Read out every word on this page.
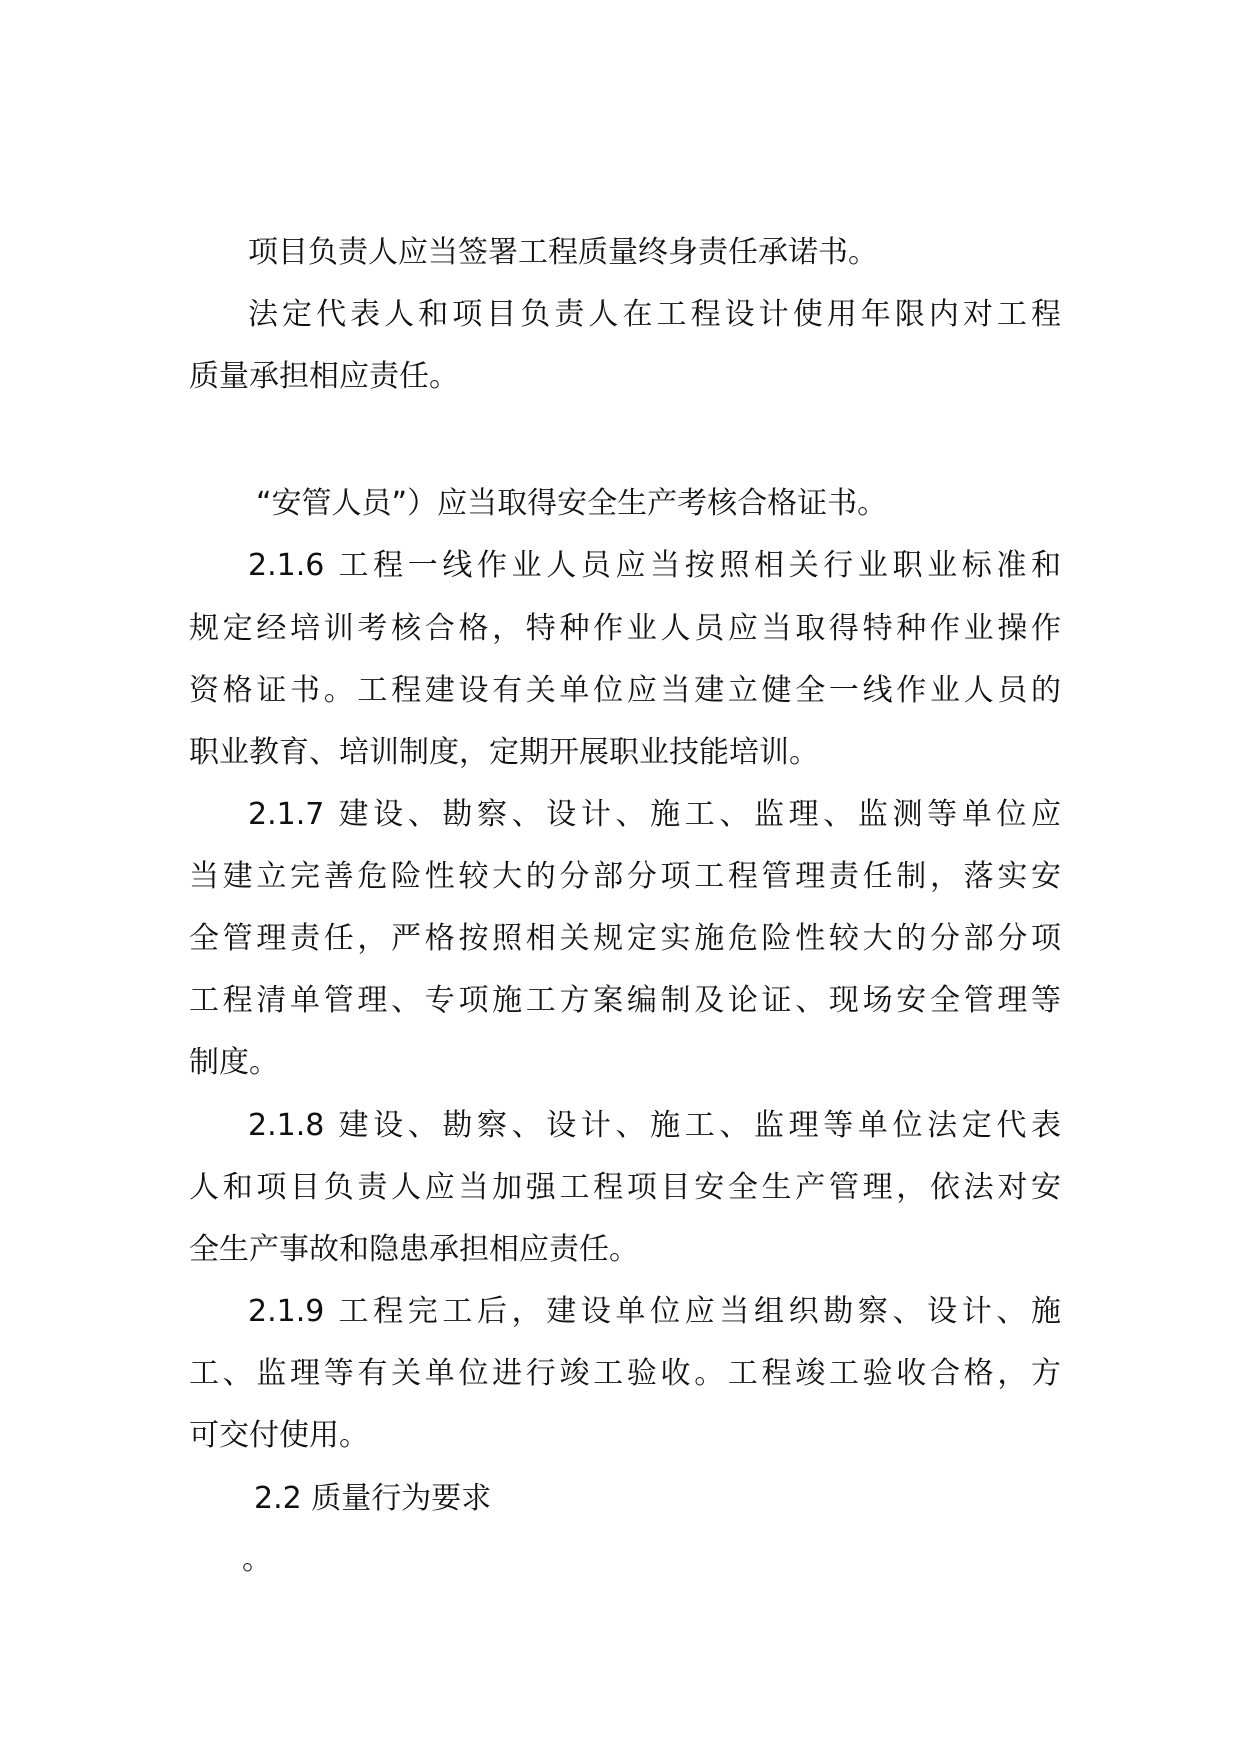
项目负责人应当签署工程质量终身责任承诺书。
法定代表人和项目负责人在工程设计使用年限内对工程
质量承担相应责任。
“安管人员”）应当取得安全生产考核合格证书。
2.1.6 工程一线作业人员应当按照相关行业职业标准和
规定经培训考核合格，特种作业人员应当取得特种作业操作
资格证书。工程建设有关单位应当建立健全一线作业人员的
职业教育、培训制度，定期开展职业技能培训。
2.1.7 建设、勘察、设计、施工、监理、监测等单位应
当建立完善危险性较大的分部分项工程管理责任制，落实安
全管理责任，严格按照相关规定实施危险性较大的分部分项
工程清单管理、专项施工方案编制及论证、现场安全管理等
制度。
2.1.8 建设、勘察、设计、施工、监理等单位法定代表
人和项目负责人应当加强工程项目安全生产管理，依法对安
全生产事故和隐患承担相应责任。
2.1.9 工程完工后，建设单位应当组织勘察、设计、施
工、监理等有关单位进行竣工验收。工程竣工验收合格，方
可交付使用。
2.2 质量行为要求
。
